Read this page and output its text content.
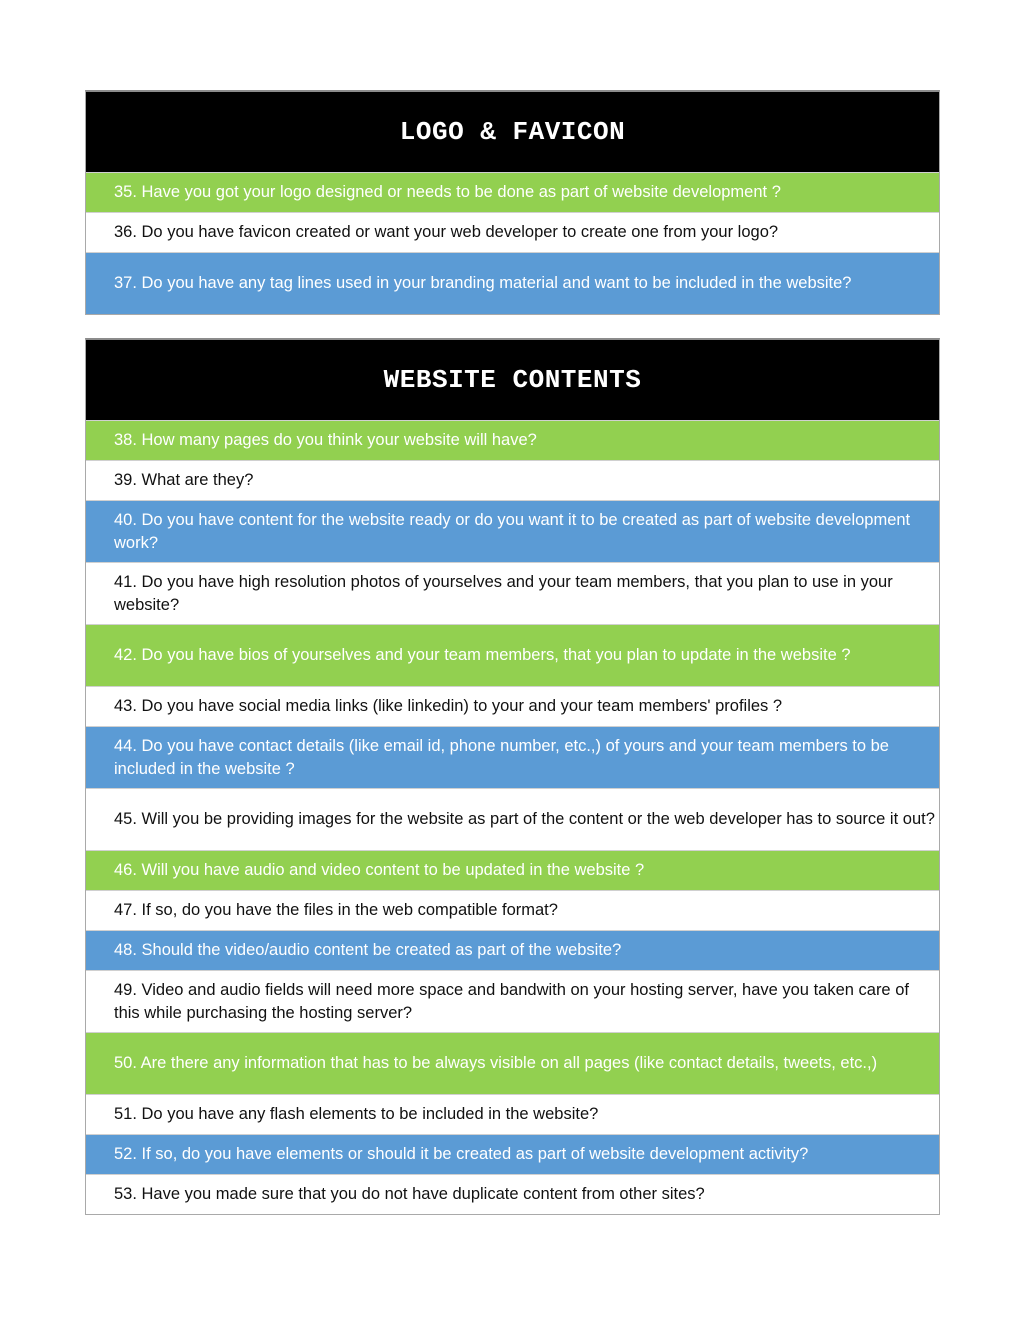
LOGO & FAVICON
35. Have you got your logo designed or needs to be done as part of website development ?
36. Do you have favicon created or want your web developer to create one from your logo?
37. Do you have any tag lines used in your branding material and want to be included in the website?
WEBSITE CONTENTS
38. How many pages do you think your website will have?
39. What are they?
40. Do you have content for the website ready or do you want it to be created as part of website development work?
41. Do you have high resolution photos of yourselves and your team members, that you plan to use in your website?
42. Do you have bios of yourselves and your team members, that you plan to update in the website ?
43. Do you have social media links (like linkedin) to your and your team members' profiles ?
44. Do you have contact details (like email id, phone number, etc.,) of yours and your team members to be included in the website ?
45. Will you be providing images for the website as part of the content or the web developer has to source it out?
46. Will you have audio and video content to be updated in the website ?
47. If so, do you have the files in the web compatible format?
48. Should the video/audio content be created as part of the website?
49. Video and audio fields will need more space and bandwith on your hosting server, have you taken care of this while purchasing the hosting server?
50. Are there any information that has to be always visible on all pages (like contact details, tweets, etc.,)
51. Do you have any flash elements to be included in the website?
52. If so, do you have elements or should it be created as part of website development activity?
53. Have you made sure that you do not have duplicate content from other sites?
